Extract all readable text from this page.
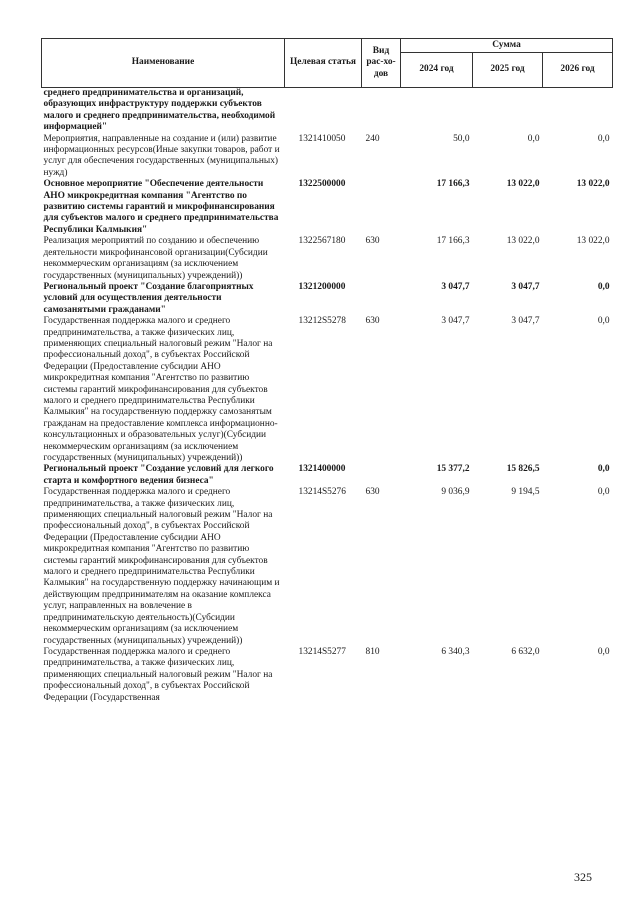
Наименование	Целевая статья	Вид рас-хо-дов	Сумма		
			2024 год	2025 год	2026 год
среднего предпринимательства и организаций, образующих инфраструктуру поддержки субъектов малого и среднего предпринимательства, необходимой информацией"					
Мероприятия, направленные на создание и (или) развитие информационных ресурсов(Иные закупки товаров, работ и услуг для обеспечения государственных (муниципальных) нужд)	1321410050	240	50,0	0,0	0,0
Основное мероприятие "Обеспечение деятельности АНО микрокредитная компания "Агентство по развитию системы гарантий и микрофинансирования для субъектов малого и среднего предпринимательства Республики Калмыкия"	1322500000		17 166,3	13 022,0	13 022,0
Реализация мероприятий по созданию и обеспечению деятельности микрофинансовой организации(Субсидии некоммерческим организациям (за исключением государственных (муниципальных) учреждений))	1322567180	630	17 166,3	13 022,0	13 022,0
Региональный проект "Создание благоприятных условий для осуществления деятельности самозанятыми гражданами"	1321200000		3 047,7	3 047,7	0,0
Государственная поддержка малого и среднего предпринимательства, а также физических лиц, применяющих специальный налоговый режим "Налог на профессиональный доход", в субъектах Российской Федерации (Предоставление субсидии АНО микрокредитная компания "Агентство по развитию системы гарантий микрофинансирования для субъектов малого и среднего предпринимательства Республики Калмыкия" на государственную поддержку самозанятым гражданам на предоставление комплекса информационно-консультационных и образовательных услуг)(Субсидии некоммерческим организациям (за исключением государственных (муниципальных) учреждений))	13212S5278	630	3 047,7	3 047,7	0,0
Региональный проект "Создание условий для легкого старта и комфортного ведения бизнеса"	1321400000		15 377,2	15 826,5	0,0
Государственная поддержка малого и среднего предпринимательства, а также физических лиц, применяющих специальный налоговый режим "Налог на профессиональный доход", в субъектах Российской Федерации (Предоставление субсидии АНО микрокредитная компания "Агентство по развитию системы гарантий микрофинансирования для субъектов малого и среднего предпринимательства Республики Калмыкия" на государственную поддержку начинающим и действующим предпринимателям на оказание комплекса услуг, направленных на вовлечение в предпринимательскую деятельность)(Субсидии некоммерческим организациям (за исключением государственных (муниципальных) учреждений))	13214S5276	630	9 036,9	9 194,5	0,0
Государственная поддержка малого и среднего предпринимательства, а также физических лиц, применяющих специальный налоговый режим "Налог на профессиональный доход", в субъектах Российской Федерации (Государственная	13214S5277	810	6 340,3	6 632,0	0,0
325
